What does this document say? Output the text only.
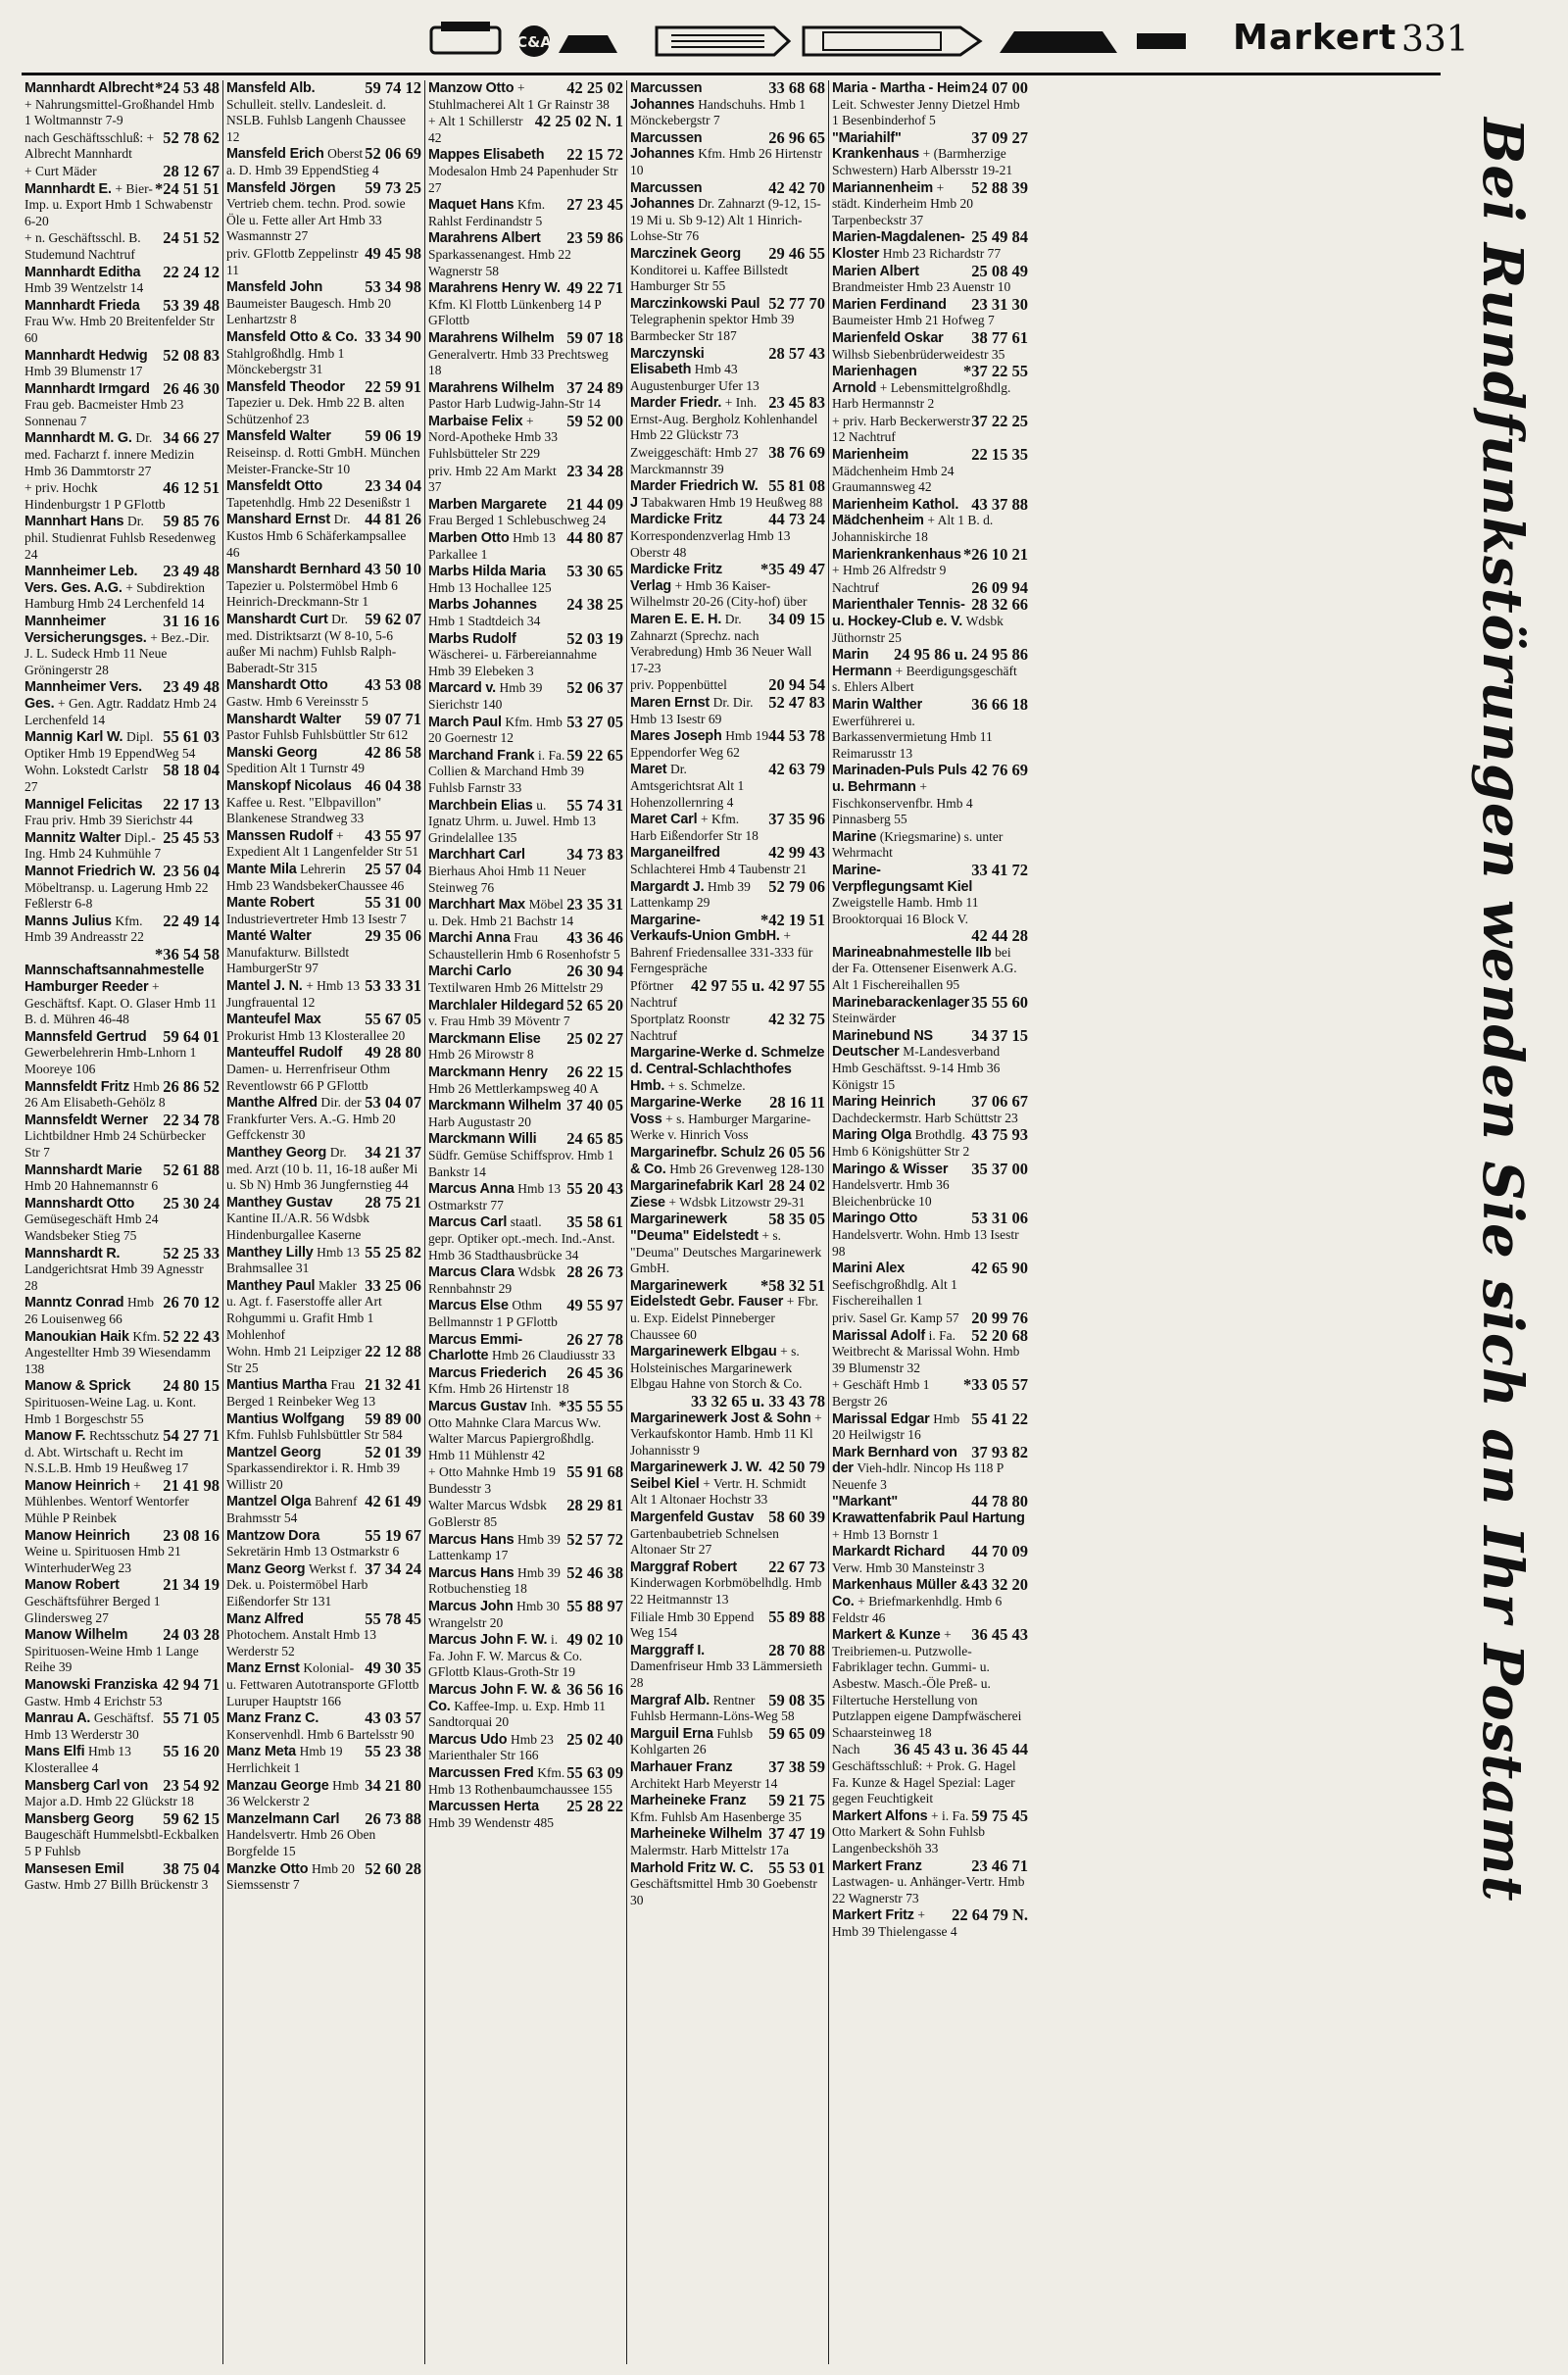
C&A	Markert 331
*24 53 48
Mannhardt Albrecht + Nahrungsmittel-Großhandel Hmb 1 Woltmannstr 7-9
52 78 62
nach Geschäftsschluß: + Albrecht Mannhardt
28 12 67
+ Curt Mäder
*24 51 51
Mannhardt E. + Bier-Imp. u. Export Hmb 1 Schwabenstr 6-20
24 51 52
+ n. Geschäftsschl. B. Studemund Nachtruf
22 24 12
Mannhardt Editha Hmb 39 Wentzelstr 14
53 39 48
Mannhardt Frieda Frau Ww. Hmb 20 Breitenfelder Str 60
52 08 83
Mannhardt Hedwig Hmb 39 Blumenstr 17
26 46 30
Mannhardt Irmgard Frau geb. Bacmeister Hmb 23 Sonnenau 7
34 66 27
Mannhardt M. G. Dr. med. Facharzt f. innere Medizin Hmb 36 Dammtorstr 27
46 12 51
+ priv. Hochk Hindenburgstr 1 P GFlottb
59 85 76
Mannhart Hans Dr. phil. Studienrat Fuhlsb Resedenweg 24
23 49 48
Mannheimer Leb. Vers. Ges. A.G. + Subdirektion Hamburg Hmb 24 Lerchenfeld 14
31 16 16
Mannheimer Versicherungsges. + Bez.-Dir. J. L. Sudeck Hmb 11 Neue Gröningerstr 28
23 49 48
Mannheimer Vers. Ges. + Gen. Agtr. Raddatz Hmb 24 Lerchenfeld 14
55 61 03
Mannig Karl W. Dipl. Optiker Hmb 19 EppendWeg 54
58 18 04
Wohn. Lokstedt Carlstr 27
22 17 13
Mannigel Felicitas Frau priv. Hmb 39 Sierichstr 44
25 45 53
Mannitz Walter Dipl.-Ing. Hmb 24 Kuhmühle 7
23 56 04
Mannot Friedrich W. Möbeltransp. u. Lagerung Hmb 22 Feßlerstr 6-8
22 49 14
Manns Julius Kfm. Hmb 39 Andreasstr 22
*36 54 58
Mannschaftsannahmestelle Hamburger Reeder + Geschäftsf. Kapt. O. Glaser Hmb 11 B. d. Mühren 46-48
59 64 01
Mannsfeld Gertrud Gewerbelehrerin Hmb-Lnhorn 1 Mooreye 106
26 86 52
Mannsfeldt Fritz Hmb 26 Am Elisabeth-Gehölz 8
22 34 78
Mannsfeldt Werner Lichtbildner Hmb 24 Schürbecker Str 7
52 61 88
Mannshardt Marie Hmb 20 Hahnemannstr 6
25 30 24
Mannshardt Otto Gemüsegeschäft Hmb 24 Wandsbeker Stieg 75
52 25 33
Mannshardt R. Landgerichtsrat Hmb 39 Agnesstr 28
26 70 12
Manntz Conrad Hmb 26 Louisenweg 66
52 22 43
Manoukian Haik Kfm. Angestellter Hmb 39 Wiesendamm 138
24 80 15
Manow & Sprick Spirituosen-Weine Lag. u. Kont. Hmb 1 Borgeschstr 55
54 27 71
Manow F. Rechtsschutz d. Abt. Wirtschaft u. Recht im N.S.L.B. Hmb 19 Heußweg 17
21 41 98
Manow Heinrich + Mühlenbes. Wentorf Wentorfer Mühle P Reinbek
23 08 16
Manow Heinrich Weine u. Spirituosen Hmb 21 WinterhuderWeg 23
21 34 19
Manow Robert Geschäftsführer Berged 1 Glindersweg 27
24 03 28
Manow Wilhelm Spirituosen-Weine Hmb 1 Lange Reihe 39
42 94 71
Manowski Franziska Gastw. Hmb 4 Erichstr 53
55 71 05
Manrau A. Geschäftsf. Hmb 13 Werderstr 30
55 16 20
Mans Elfi Hmb 13 Klosterallee 4
23 54 92
Mansberg Carl von Major a.D. Hmb 22 Glückstr 18
59 62 15
Mansberg Georg Baugeschäft Hummelsbtl-Eckbalken 5 P Fuhlsb
38 75 04
Mansesen Emil Gastw. Hmb 27 Billh Brückenstr 3
59 74 12
Mansfeld Alb. Schulleit. stellv. Landesleit. d. NSLB. Fuhlsb Langenh Chaussee 12
52 06 69
Mansfeld Erich Oberst a. D. Hmb 39 EppendStieg 4
59 73 25
Mansfeld Jörgen Vertrieb chem. techn. Prod. sowie Öle u. Fette aller Art Hmb 33 Wasmannstr 27
49 45 98
priv. GFlottb Zeppelinstr 11
53 34 98
Mansfeld John Baumeister Baugesch. Hmb 20 Lenhartzstr 8
33 34 90
Mansfeld Otto & Co. Stahlgroßhdlg. Hmb 1 Mönckebergstr 31
22 59 91
Mansfeld Theodor Tapezier u. Dek. Hmb 22 B. alten Schützenhof 23
59 06 19
Mansfeld Walter Reiseinsp. d. Rotti GmbH. München Meister-Francke-Str 10
23 34 04
Mansfeldt Otto Tapetenhdlg. Hmb 22 Desenißstr 1
44 81 26
Manshard Ernst Dr. Kustos Hmb 6 Schäferkampsallee 46
43 50 10
Manshardt Bernhard Tapezier u. Polstermöbel Hmb 6 Heinrich-Dreckmann-Str 1
59 62 07
Manshardt Curt Dr. med. Distriktsarzt (W 8-10, 5-6 außer Mi nachm) Fuhlsb Ralph-Baberadt-Str 315
43 53 08
Manshardt Otto Gastw. Hmb 6 Vereinsstr 5
59 07 71
Manshardt Walter Pastor Fuhlsb Fuhlsbüttler Str 612
42 86 58
Manski Georg Spedition Alt 1 Turnstr 49
46 04 38
Manskopf Nicolaus Kaffee u. Rest. "Elbpavillon" Blankenese Strandweg 33
43 55 97
Manssen Rudolf + Expedient Alt 1 Langenfelder Str 51
25 57 04
Mante Mila Lehrerin Hmb 23 WandsbekerChaussee 46
55 31 00
Mante Robert Industrievertreter Hmb 13 Isestr 7
29 35 06
Manté Walter Manufakturw. Billstedt HamburgerStr 97
53 33 31
Mantel J. N. + Hmb 13 Jungfrauental 12
55 67 05
Manteufel Max Prokurist Hmb 13 Klosterallee 20
49 28 80
Manteuffel Rudolf Damen- u. Herrenfriseur Othm Reventlowstr 66 P GFlottb
53 04 07
Manthe Alfred Dir. der Frankfurter Vers. A.-G. Hmb 20 Geffckenstr 30
34 21 37
Manthey Georg Dr. med. Arzt (10 b. 11, 16-18 außer Mi u. Sb N) Hmb 36 Jungfernstieg 44
28 75 21
Manthey Gustav Kantine II./A.R. 56 Wdsbk Hindenburgallee Kaserne
55 25 82
Manthey Lilly Hmb 13 Brahmsallee 31
33 25 06
Manthey Paul Makler u. Agt. f. Faserstoffe aller Art Rohgummi u. Grafit Hmb 1 Mohlenhof
22 12 88
Wohn. Hmb 21 Leipziger Str 25
21 32 41
Mantius Martha Frau Berged 1 Reinbeker Weg 13
59 89 00
Mantius Wolfgang Kfm. Fuhlsb Fuhlsbüttler Str 584
52 01 39
Mantzel Georg Sparkassendirektor i. R. Hmb 39 Willistr 20
42 61 49
Mantzel Olga Bahrenf Brahmsstr 54
55 19 67
Mantzow Dora Sekretärin Hmb 13 Ostmarkstr 6
37 34 24
Manz Georg Werkst f. Dek. u. Poistermöbel Harb Eißendorfer Str 131
55 78 45
Manz Alfred Photochem. Anstalt Hmb 13 Werderstr 52
49 30 35
Manz Ernst Kolonial- u. Fettwaren Autotransporte GFlottb Luruper Hauptstr 166
43 03 57
Manz Franz C. Konservenhdl. Hmb 6 Bartelsstr 90
55 23 38
Manz Meta Hmb 19 Herrlichkeit 1
34 21 80
Manzau George Hmb 36 Welckerstr 2
26 73 88
Manzelmann Carl Handelsvertr. Hmb 26 Oben Borgfelde 15
52 60 28
Manzke Otto Hmb 20 Siemssenstr 7
42 25 02
Manzow Otto + Stuhlmacherei Alt 1 Gr Rainstr 38
42 25 02 N. 1
+ Alt 1 Schillerstr 42
22 15 72
Mappes Elisabeth Modesalon Hmb 24 Papenhuder Str 27
27 23 45
Maquet Hans Kfm. Rahlst Ferdinandstr 5
23 59 86
Marahrens Albert Sparkassenangest. Hmb 22 Wagnerstr 58
49 22 71
Marahrens Henry W. Kfm. Kl Flottb Lünkenberg 14 P GFlottb
59 07 18
Marahrens Wilhelm Generalvertr. Hmb 33 Prechtsweg 18
37 24 89
Marahrens Wilhelm Pastor Harb Ludwig-Jahn-Str 14
59 52 00
Marbaise Felix + Nord-Apotheke Hmb 33 Fuhlsbütteler Str 229
23 34 28
priv. Hmb 22 Am Markt 37
21 44 09
Marben Margarete Frau Berged 1 Schlebuschweg 24
44 80 87
Marben Otto Hmb 13 Parkallee 1
53 30 65
Marbs Hilda Maria Hmb 13 Hochallee 125
24 38 25
Marbs Johannes Hmb 1 Stadtdeich 34
52 03 19
Marbs Rudolf Wäscherei- u. Färbereiannahme Hmb 39 Elebeken 3
52 06 37
Marcard v. Hmb 39 Sierichstr 140
53 27 05
March Paul Kfm. Hmb 20 Goernestr 12
59 22 65
Marchand Frank i. Fa. Collien & Marchand Hmb 39 Fuhlsb Farnstr 33
55 74 31
Marchbein Elias u. Ignatz Uhrm. u. Juwel. Hmb 13 Grindelallee 135
34 73 83
Marchhart Carl Bierhaus Ahoi Hmb 11 Neuer Steinweg 76
23 35 31
Marchhart Max Möbel u. Dek. Hmb 21 Bachstr 14
43 36 46
Marchi Anna Frau Schaustellerin Hmb 6 Rosenhofstr 5
26 30 94
Marchi Carlo Textilwaren Hmb 26 Mittelstr 29
52 65 20
Marchlaler Hildegard v. Frau Hmb 39 Möventr 7
25 02 27
Marckmann Elise Hmb 26 Mirowstr 8
26 22 15
Marckmann Henry Hmb 26 Mettlerkampsweg 40 A
37 40 05
Marckmann Wilhelm Harb Augustastr 20
24 65 85
Marckmann Willi Südfr. Gemüse Schiffsprov. Hmb 1 Bankstr 14
55 20 43
Marcus Anna Hmb 13 Ostmarkstr 77
35 58 61
Marcus Carl staatl. gepr. Optiker opt.-mech. Ind.-Anst. Hmb 36 Stadthausbrücke 34
28 26 73
Marcus Clara Wdsbk Rennbahnstr 29
49 55 97
Marcus Else Othm Bellmannstr 1 P GFlottb
26 27 78
Marcus Emmi-Charlotte Hmb 26 Claudiusstr 33
26 45 36
Marcus Friederich Kfm. Hmb 26 Hirtenstr 18
*35 55 55
Marcus Gustav Inh. Otto Mahnke Clara Marcus Ww. Walter Marcus Papiergroßhdlg. Hmb 11 Mühlenstr 42
55 91 68
+ Otto Mahnke Hmb 19 Bundesstr 3
28 29 81
Walter Marcus Wdsbk GoBlerstr 85
52 57 72
Marcus Hans Hmb 39 Lattenkamp 17
52 46 38
Marcus Hans Hmb 39 Rotbuchenstieg 18
55 88 97
Marcus John Hmb 30 Wrangelstr 20
49 02 10
Marcus John F. W. i. Fa. John F. W. Marcus & Co. GFlottb Klaus-Groth-Str 19
36 56 16
Marcus John F. W. & Co. Kaffee-Imp. u. Exp. Hmb 11 Sandtorquai 20
25 02 40
Marcus Udo Hmb 23 Marienthaler Str 166
55 63 09
Marcussen Fred Kfm. Hmb 13 Rothenbaumchaussee 155
25 28 22
Marcussen Herta Hmb 39 Wendenstr 485
33 68 68
Marcussen Johannes Handschuhs. Hmb 1 Mönckebergstr 7
26 96 65
Marcussen Johannes Kfm. Hmb 26 Hirtenstr 10
42 42 70
Marcussen Johannes Dr. Zahnarzt (9-12, 15-19 Mi u. Sb 9-12) Alt 1 Hinrich-Lohse-Str 76
29 46 55
Marczinek Georg Konditorei u. Kaffee Billstedt Hamburger Str 55
52 77 70
Marczinkowski Paul Telegraphenin spektor Hmb 39 Barmbecker Str 187
28 57 43
Marczynski Elisabeth Hmb 43 Augustenburger Ufer 13
23 45 83
Marder Friedr. + Inh. Ernst-Aug. Bergholz Kohlenhandel Hmb 22 Glückstr 73
38 76 69
Zweiggeschäft: Hmb 27 Marckmannstr 39
55 81 08
Marder Friedrich W. J Tabakwaren Hmb 19 Heußweg 88
44 73 24
Mardicke Fritz Korrespondenzverlag Hmb 13 Oberstr 48
*35 49 47
Mardicke Fritz Verlag + Hmb 36 Kaiser-Wilhelmstr 20-26 (City-hof) über
34 09 15
Maren E. E. H. Dr. Zahnarzt (Sprechz. nach Verabredung) Hmb 36 Neuer Wall 17-23
20 94 54
priv. Poppenbüttel
52 47 83
Maren Ernst Dr. Dir. Hmb 13 Isestr 69
44 53 78
Mares Joseph Hmb 19 Eppendorfer Weg 62
42 63 79
Maret Dr. Amtsgerichtsrat Alt 1 Hohenzollernring 4
37 35 96
Maret Carl + Kfm. Harb Eißendorfer Str 18
42 99 43
Marganeilfred Schlachterei Hmb 4 Taubenstr 21
52 79 06
Margardt J. Hmb 39 Lattenkamp 29
*42 19 51
Margarine-Verkaufs-Union GmbH. + Bahrenf Friedensallee 331-333 für Ferngespräche
42 97 55 u. 42 97 55
Pförtner Nachtruf
42 32 75
Sportplatz Roonstr Nachtruf
Margarine-Werke d. Schmelze d. Central-Schlachthofes Hmb. + s. Schmelze.
28 16 11
Margarine-Werke Voss + s. Hamburger Margarine-Werke v. Hinrich Voss
26 05 56
Margarinefbr. Schulz & Co. Hmb 26 Grevenweg 128-130
28 24 02
Margarinefabrik Karl Ziese + Wdsbk Litzowstr 29-31
58 35 05
Margarinewerk "Deuma" Eidelstedt + s. "Deuma" Deutsches Margarinewerk GmbH.
*58 32 51
Margarinewerk Eidelstedt Gebr. Fauser + Fbr. u. Exp. Eidelst Pinneberger Chaussee 60
Margarinewerk Elbgau + s. Holsteinisches Margarinewerk Elbgau Hahne von Storch & Co.
33 32 65 u. 33 43 78
Margarinewerk Jost & Sohn + Verkaufskontor Hamb. Hmb 11 Kl Johannisstr 9
42 50 79
Margarinewerk J. W. Seibel Kiel + Vertr. H. Schmidt Alt 1 Altonaer Hochstr 33
58 60 39
Margenfeld Gustav Gartenbaubetrieb Schnelsen Altonaer Str 27
22 67 73
Marggraf Robert Kinderwagen Korbmöbelhdlg. Hmb 22 Heitmannstr 13
55 89 88
Filiale Hmb 30 Eppend Weg 154
28 70 88
Marggraff I. Damenfriseur Hmb 33 Lämmersieth 28
59 08 35
Margraf Alb. Rentner Fuhlsb Hermann-Löns-Weg 58
59 65 09
Marguil Erna Fuhlsb Kohlgarten 26
37 38 59
Marhauer Franz Architekt Harb Meyerstr 14
59 21 75
Marheineke Franz Kfm. Fuhlsb Am Hasenberge 35
37 47 19
Marheineke Wilhelm Malermstr. Harb Mittelstr 17a
55 53 01
Marhold Fritz W. C. Geschäftsmittel Hmb 30 Goebenstr 30
24 07 00
Maria - Martha - Heim Leit. Schwester Jenny Dietzel Hmb 1 Besenbinderhof 5
37 09 27
"Mariahilf" Krankenhaus + (Barmherzige Schwestern) Harb Albersstr 19-21
52 88 39
Mariannenheim + städt. Kinderheim Hmb 20 Tarpenbeckstr 37
25 49 84
Marien-Magdalenen-Kloster Hmb 23 Richardstr 77
25 08 49
Marien Albert Brandmeister Hmb 23 Auenstr 10
23 31 30
Marien Ferdinand Baumeister Hmb 21 Hofweg 7
38 77 61
Marienfeld Oskar Wilhsb Siebenbrüderweidestr 35
*37 22 55
Marienhagen Arnold + Lebensmittelgroßhdlg. Harb Hermannstr 2
37 22 25
+ priv. Harb Beckerwerstr 12 Nachtruf
22 15 35
Marienheim Mädchenheim Hmb 24 Graumannsweg 42
43 37 88
Marienheim Kathol. Mädchenheim + Alt 1 B. d. Johanniskirche 18
*26 10 21
Marienkrankenhaus + Hmb 26 Alfredstr 9
26 09 94
Nachtruf
28 32 66
Marienthaler Tennis- u. Hockey-Club e. V. Wdsbk Jüthornstr 25
24 95 86 u. 24 95 86
Marin Hermann + Beerdigungsgeschäft s. Ehlers Albert
36 66 18
Marin Walther Ewerführerei u. Barkassenvermietung Hmb 11 Reimarusstr 13
42 76 69
Marinaden-Puls Puls u. Behrmann + Fischkonservenfbr. Hmb 4 Pinnasberg 55
Marine (Kriegsmarine) s. unter Wehrmacht
33 41 72
Marine-Verpflegungsamt Kiel Zweigstelle Hamb. Hmb 11 Brooktorquai 16 Block V.
42 44 28
Marineabnahmestelle IIb bei der Fa. Ottensener Eisenwerk A.G. Alt 1 Fischereihallen 95
35 55 60
Marinebarackenlager Steinwärder
34 37 15
Marinebund NS Deutscher M-Landesverband Hmb Geschäftsst. 9-14 Hmb 36 Königstr 15
37 06 67
Maring Heinrich Dachdeckermstr. Harb Schüttstr 23
43 75 93
Maring Olga Brothdlg. Hmb 6 Königshütter Str 2
35 37 00
Maringo & Wisser Handelsvertr. Hmb 36 Bleichenbrücke 10
53 31 06
Maringo Otto Handelsvertr. Wohn. Hmb 13 Isestr 98
42 65 90
Marini Alex Seefischgroßhdlg. Alt 1 Fischereihallen 1
20 99 76
priv. Sasel Gr. Kamp 57
52 20 68
Marissal Adolf i. Fa. Weitbrecht & Marissal Wohn. Hmb 39 Blumenstr 32
*33 05 57
+ Geschäft Hmb 1 Bergstr 26
55 41 22
Marissal Edgar Hmb 20 Heilwigstr 16
37 93 82
Mark Bernhard von der Vieh-hdlr. Nincop Hs 118 P Neuenfe 3
44 78 80
"Markant" Krawattenfabrik Paul Hartung + Hmb 13 Bornstr 1
44 70 09
Markardt Richard Verw. Hmb 30 Mansteinstr 3
43 32 20
Markenhaus Müller & Co. + Briefmarkenhdlg. Hmb 6 Feldstr 46
36 45 43
Markert & Kunze + Treibriemen-u. Putzwolle-Fabriklager techn. Gummi- u. Asbestw. Masch.-Öle Preß- u. Filtertuche Herstellung von Putzlappen eigene Dampfwäscherei Schaarsteinweg 18
36 45 43 u. 36 45 44
Nach Geschäftsschluß: + Prok. G. Hagel Fa. Kunze & Hagel Spezial: Lager gegen Feuchtigkeit
59 75 45
Markert Alfons + i. Fa. Otto Markert & Sohn Fuhlsb Langenbeckshöh 33
23 46 71
Markert Franz Lastwagen- u. Anhänger-Vertr. Hmb 22 Wagnerstr 73
22 64 79 N.
Markert Fritz + Hmb 39 Thielengasse 4
Bei Rundfunkstörungen wenden Sie sich an Ihr Postamt
